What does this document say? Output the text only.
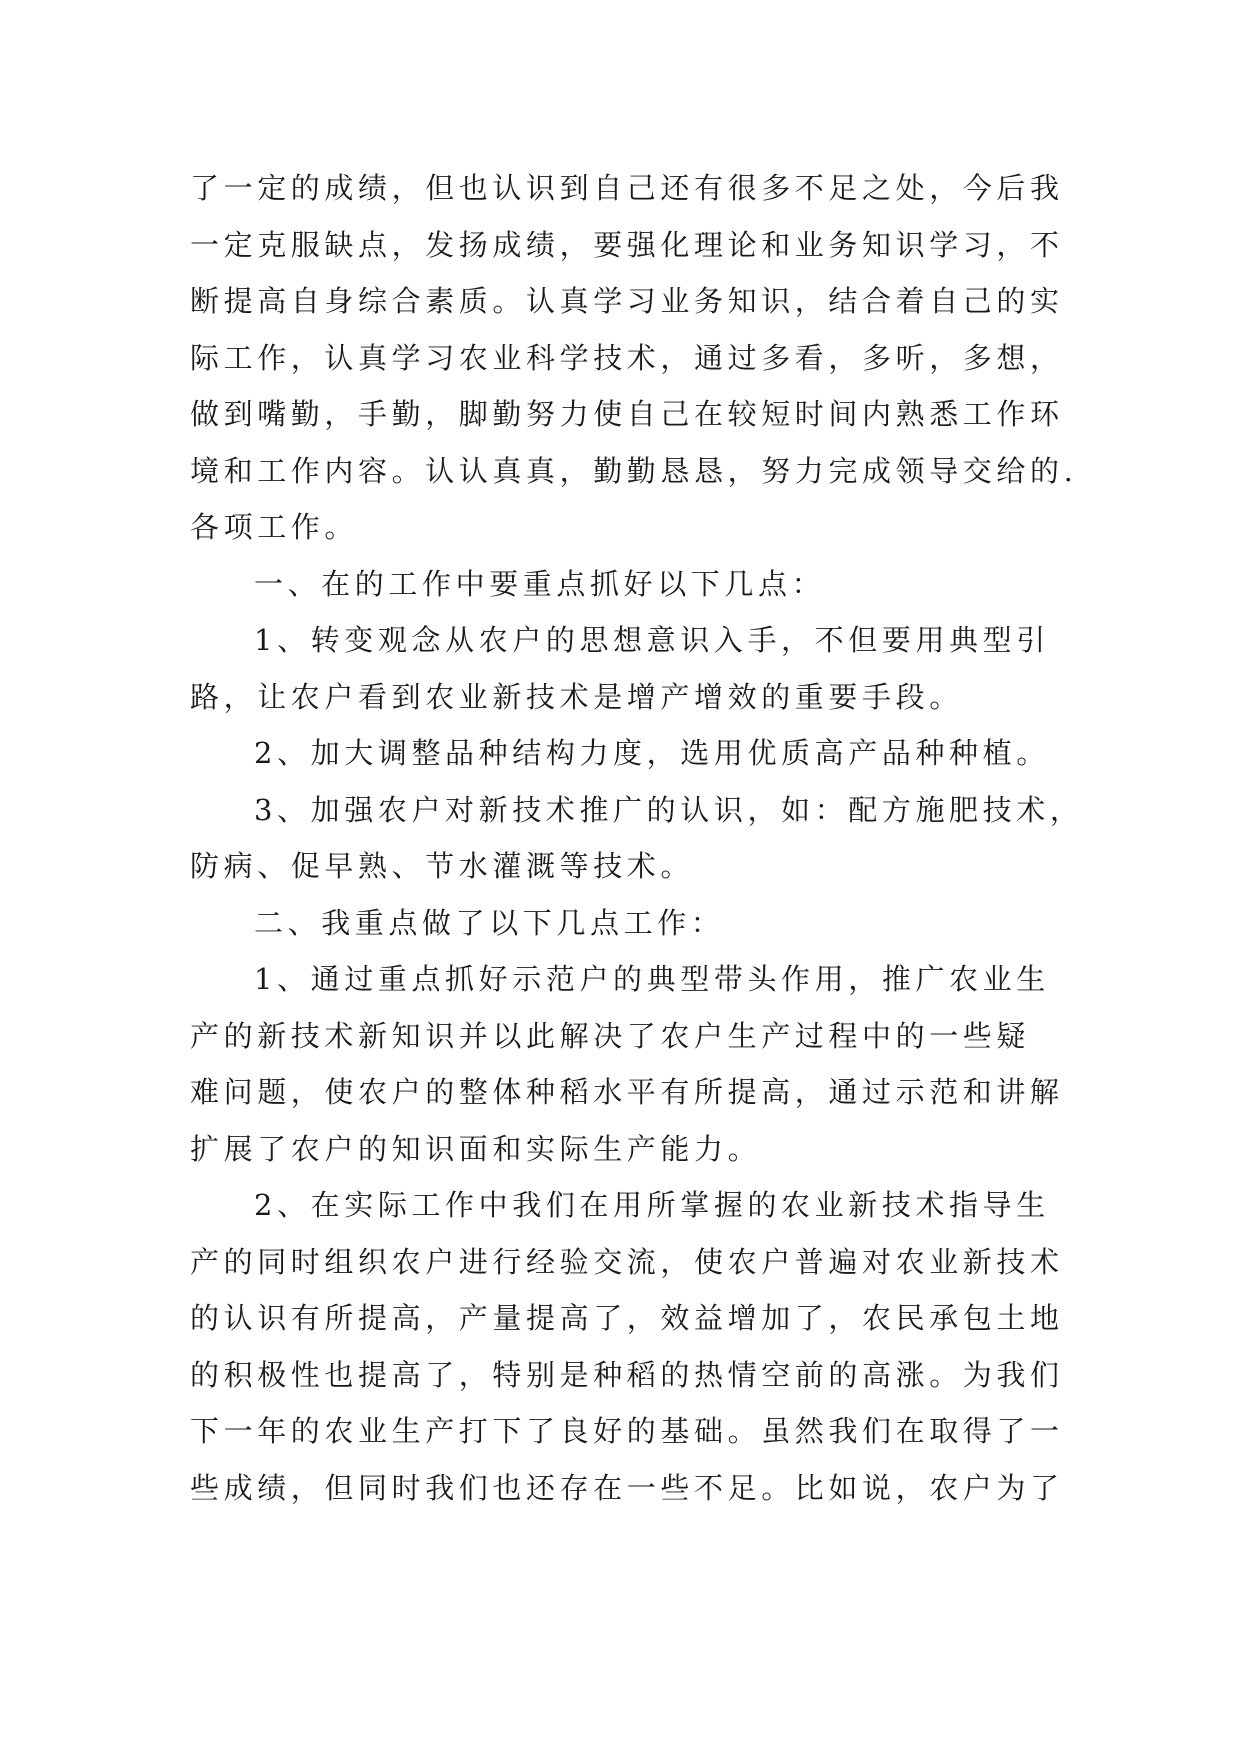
了一定的成绩，但也认识到自己还有很多不足之处，今后我
一定克服缺点，发扬成绩，要强化理论和业务知识学习，不
断提高自身综合素质。认真学习业务知识，结合着自己的实
际工作，认真学习农业科学技术，通过多看，多听，多想，
做到嘴勤，手勤，脚勤努力使自己在较短时间内熟悉工作环
境和工作内容。认认真真，勤勤恳恳，努力完成领导交给的.
各项工作。
一、在的工作中要重点抓好以下几点：
1、转变观念从农户的思想意识入手，不但要用典型引
路，让农户看到农业新技术是增产增效的重要手段。
2、加大调整品种结构力度，选用优质高产品种种植。
3、加强农户对新技术推广的认识，如：配方施肥技术，
防病、促早熟、节水灌溉等技术。
二、我重点做了以下几点工作：
1、通过重点抓好示范户的典型带头作用，推广农业生
产的新技术新知识并以此解决了农户生产过程中的一些疑
难问题，使农户的整体种稻水平有所提高，通过示范和讲解
扩展了农户的知识面和实际生产能力。
2、在实际工作中我们在用所掌握的农业新技术指导生
产的同时组织农户进行经验交流，使农户普遍对农业新技术
的认识有所提高，产量提高了，效益增加了，农民承包土地
的积极性也提高了，特别是种稻的热情空前的高涨。为我们
下一年的农业生产打下了良好的基础。虽然我们在取得了一
些成绩，但同时我们也还存在一些不足。比如说，农户为了
